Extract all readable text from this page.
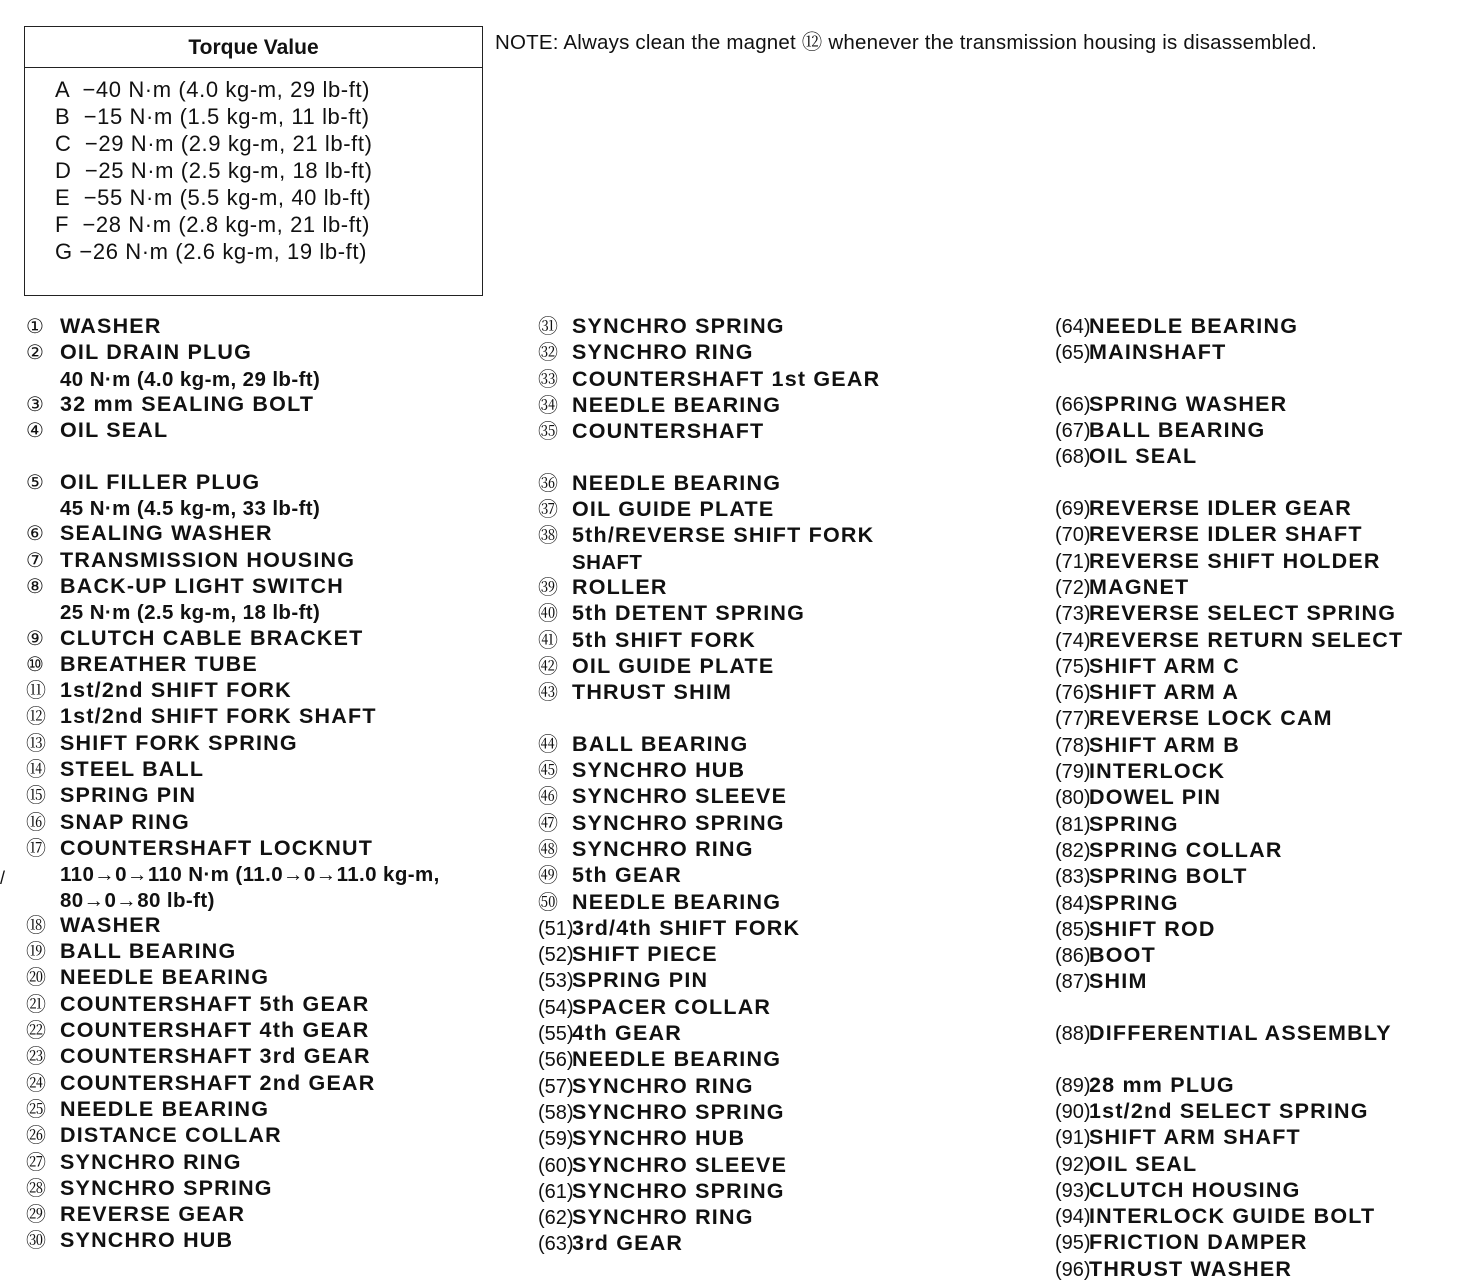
Torque Value
A  −40 N·m (4.0 kg-m, 29 lb-ft)
B  −15 N·m (1.5 kg-m, 11 lb-ft)
C  −29 N·m (2.9 kg-m, 21 lb-ft)
D  −25 N·m (2.5 kg-m, 18 lb-ft)
E  −55 N·m (5.5 kg-m, 40 lb-ft)
F  −28 N·m (2.8 kg-m, 21 lb-ft)
G −26 N·m (2.6 kg-m, 19 lb-ft)
NOTE: Always clean the magnet ⑫ whenever the transmission housing is disassembled.
/
① WASHER
② OIL DRAIN PLUG
40 N·m (4.0 kg-m, 29 lb-ft)
③ 32 mm SEALING BOLT
④ OIL SEAL
⑤ OIL FILLER PLUG
45 N·m (4.5 kg-m, 33 lb-ft)
⑥ SEALING WASHER
⑦ TRANSMISSION HOUSING
⑧ BACK-UP LIGHT SWITCH
25 N·m (2.5 kg-m, 18 lb-ft)
⑨ CLUTCH CABLE BRACKET
⑩ BREATHER TUBE
⑪ 1st/2nd SHIFT FORK
⑫ 1st/2nd SHIFT FORK SHAFT
⑬ SHIFT FORK SPRING
⑭ STEEL BALL
⑮ SPRING PIN
⑯ SNAP RING
⑰ COUNTERSHAFT LOCKNUT
110→0→110 N·m (11.0→0→11.0 kg-m,
80→0→80 lb-ft)
⑱ WASHER
⑲ BALL BEARING
⑳ NEEDLE BEARING
㉑ COUNTERSHAFT 5th GEAR
㉒ COUNTERSHAFT 4th GEAR
㉓ COUNTERSHAFT 3rd GEAR
㉔ COUNTERSHAFT 2nd GEAR
㉕ NEEDLE BEARING
㉖ DISTANCE COLLAR
㉗ SYNCHRO RING
㉘ SYNCHRO SPRING
㉙ REVERSE GEAR
㉚ SYNCHRO HUB
㉛ SYNCHRO SPRING
㉜ SYNCHRO RING
㉝ COUNTERSHAFT 1st GEAR
㉞ NEEDLE BEARING
㉟ COUNTERSHAFT
㊱ NEEDLE BEARING
㊲ OIL GUIDE PLATE
㊳ 5th/REVERSE SHIFT FORK
SHAFT
㊴ ROLLER
㊵ 5th DETENT SPRING
㊶ 5th SHIFT FORK
㊷ OIL GUIDE PLATE
㊸ THRUST SHIM
㊹ BALL BEARING
㊺ SYNCHRO HUB
㊻ SYNCHRO SLEEVE
㊼ SYNCHRO SPRING
㊽ SYNCHRO RING
㊾ 5th GEAR
㊿ NEEDLE BEARING
(51)3rd/4th SHIFT FORK
(52)SHIFT PIECE
(53)SPRING PIN
(54)SPACER COLLAR
(55)4th GEAR
(56)NEEDLE BEARING
(57)SYNCHRO RING
(58)SYNCHRO SPRING
(59)SYNCHRO HUB
(60)SYNCHRO SLEEVE
(61)SYNCHRO SPRING
(62)SYNCHRO RING
(63)3rd GEAR
(64)NEEDLE BEARING
(65)MAINSHAFT
(66)SPRING WASHER
(67)BALL BEARING
(68)OIL SEAL
(69)REVERSE IDLER GEAR
(70)REVERSE IDLER SHAFT
(71)REVERSE SHIFT HOLDER
(72)MAGNET
(73)REVERSE SELECT SPRING
(74)REVERSE RETURN SELECT
(75)SHIFT ARM C
(76)SHIFT ARM A
(77)REVERSE LOCK CAM
(78)SHIFT ARM B
(79)INTERLOCK
(80)DOWEL PIN
(81)SPRING
(82)SPRING COLLAR
(83)SPRING BOLT
(84)SPRING
(85)SHIFT ROD
(86)BOOT
(87)SHIM
(88)DIFFERENTIAL ASSEMBLY
(89)28 mm PLUG
(90)1st/2nd SELECT SPRING
(91)SHIFT ARM SHAFT
(92)OIL SEAL
(93)CLUTCH HOUSING
(94)INTERLOCK GUIDE BOLT
(95)FRICTION DAMPER
(96)THRUST WASHER
